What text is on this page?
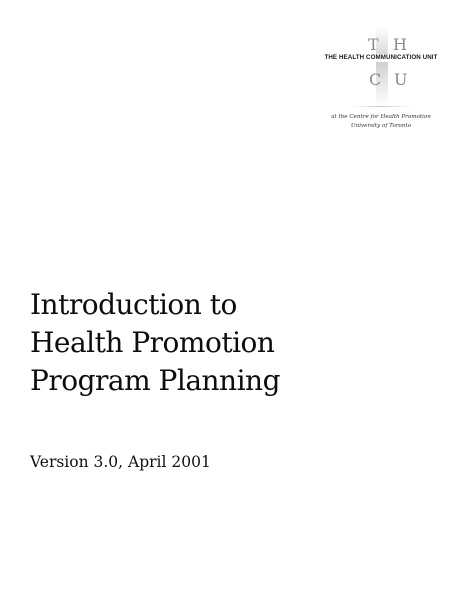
T H
THE HEALTH COMMUNICATION UNIT
C U
at the Centre for Health Promotion
University of Toronto
Introduction to
Health Promotion
Program Planning
Version 3.0, April 2001
